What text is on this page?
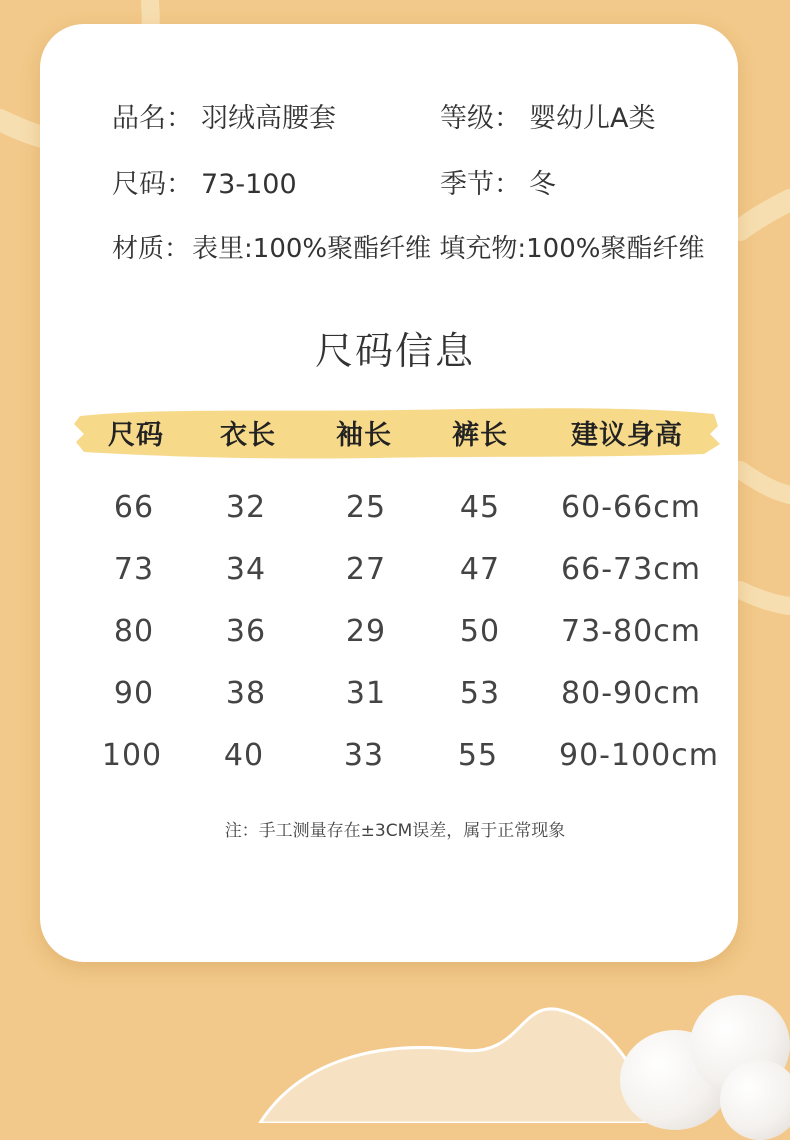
品名： 羽绒高腰套	等级： 婴幼儿A类
尺码： 73-100	季节： 冬
材质：表里:100%聚酯纤维 填充物:100%聚酯纤维
尺码信息
尺码	衣长	袖长	裤长	建议身高
66	32	25	45	60-66cm
73	34	27	47	66-73cm
80	36	29	50	73-80cm
90	38	31	53	80-90cm
100	40	33	55	90-100cm
注：手工测量存在±3CM误差，属于正常现象
